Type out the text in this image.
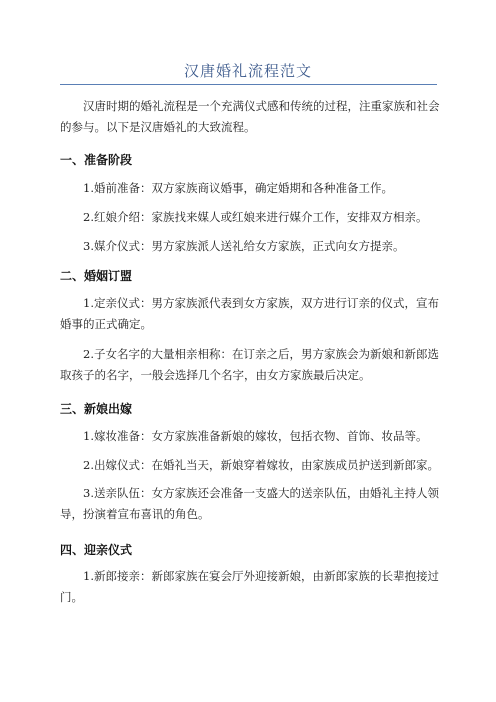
汉唐婚礼流程范文
汉唐时期的婚礼流程是一个充满仪式感和传统的过程，注重家族和社会的参与。以下是汉唐婚礼的大致流程。
一、准备阶段
1.婚前准备：双方家族商议婚事，确定婚期和各种准备工作。
2.红娘介绍：家族找来媒人或红娘来进行媒介工作，安排双方相亲。
3.媒介仪式：男方家族派人送礼给女方家族，正式向女方提亲。
二、婚姻订盟
1.定亲仪式：男方家族派代表到女方家族，双方进行订亲的仪式，宣布婚事的正式确定。
2.子女名字的大量相亲相称：在订亲之后，男方家族会为新娘和新郎选取孩子的名字，一般会选择几个名字，由女方家族最后决定。
三、新娘出嫁
1.嫁妆准备：女方家族准备新娘的嫁妆，包括衣物、首饰、妆品等。
2.出嫁仪式：在婚礼当天，新娘穿着嫁妆，由家族成员护送到新郎家。
3.送亲队伍：女方家族还会准备一支盛大的送亲队伍，由婚礼主持人领导，扮演着宣布喜讯的角色。
四、迎亲仪式
1.新郎接亲：新郎家族在宴会厅外迎接新娘，由新郎家族的长辈抱接过门。
